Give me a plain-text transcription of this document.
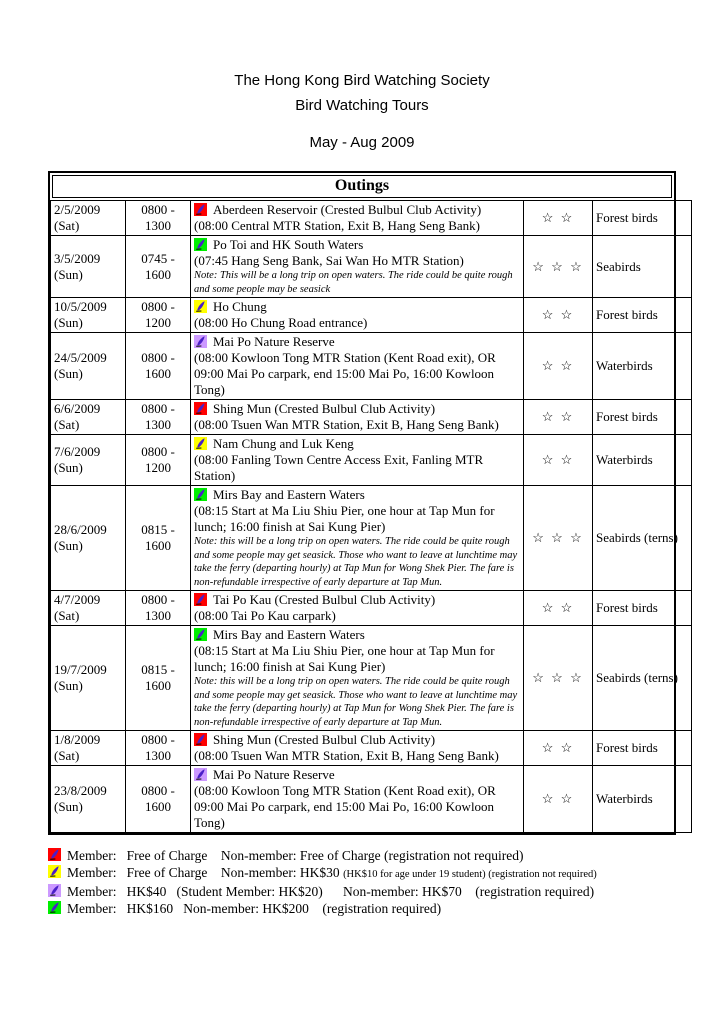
The Hong Kong Bird Watching Society
Bird Watching Tours
May - Aug 2009
Outings
2/5/2009
(Sat)

0800 -
1300

Aberdeen Reservoir (Crested Bulbul Club Activity)
(08:00 Central MTR Station, Exit B, Hang Seng Bank)
	☆ ☆	Forest birds

3/5/2009
(Sun)

0745 -
1600

Po Toi and HK South Waters
(07:45 Hang Seng Bank, Sai Wan Ho MTR Station)
Note: This will be a long trip on open waters. The ride could be quite rough and some people may be seasick
	☆ ☆ ☆	Seabirds

10/5/2009
(Sun)

0800 -
1200

Ho Chung
(08:00 Ho Chung Road entrance)
	☆ ☆	Forest birds

24/5/2009
(Sun)

0800 -
1600

Mai Po Nature Reserve
(08:00 Kowloon Tong MTR Station (Kent Road exit), OR 09:00 Mai Po carpark, end 15:00 Mai Po, 16:00 Kowloon Tong)
	☆ ☆	Waterbirds

6/6/2009
(Sat)

0800 -
1300

Shing Mun (Crested Bulbul Club Activity)
(08:00 Tsuen Wan MTR Station, Exit B, Hang Seng Bank)
	☆ ☆	Forest birds

7/6/2009
(Sun)

0800 -
1200

Nam Chung and Luk Keng
(08:00 Fanling Town Centre Access Exit, Fanling MTR Station)
	☆ ☆	Waterbirds

28/6/2009
(Sun)

0815 -
1600

Mirs Bay and Eastern Waters
(08:15 Start at Ma Liu Shiu Pier, one hour at Tap Mun for lunch; 16:00 finish at Sai Kung Pier)
Note: this will be a long trip on open waters. The ride could be quite rough and some people may get seasick. Those who want to leave at lunchtime may take the ferry (departing hourly) at Tap Mun for Wong Shek Pier. The fare is non-refundable irrespective of early departure at Tap Mun.
	☆ ☆ ☆	Seabirds (terns)

4/7/2009
(Sat)

0800 -
1300

Tai Po Kau (Crested Bulbul Club Activity)
(08:00 Tai Po Kau carpark)
	☆ ☆	Forest birds

19/7/2009
(Sun)

0815 -
1600

Mirs Bay and Eastern Waters
(08:15 Start at Ma Liu Shiu Pier, one hour at Tap Mun for lunch; 16:00 finish at Sai Kung Pier)
Note: this will be a long trip on open waters. The ride could be quite rough and some people may get seasick. Those who want to leave at lunchtime may take the ferry (departing hourly) at Tap Mun for Wong Shek Pier. The fare is non-refundable irrespective of early departure at Tap Mun.
	☆ ☆ ☆	Seabirds (terns)

1/8/2009
(Sat)

0800 -
1300

Shing Mun (Crested Bulbul Club Activity)
(08:00 Tsuen Wan MTR Station, Exit B, Hang Seng Bank)
	☆ ☆	Forest birds

23/8/2009
(Sun)

0800 -
1600

Mai Po Nature Reserve
(08:00 Kowloon Tong MTR Station (Kent Road exit), OR 09:00 Mai Po carpark, end 15:00 Mai Po, 16:00 Kowloon Tong)
	☆ ☆	Waterbirds

Member:   Free of Charge    Non-member: Free of Charge (registration not required)

Member:   Free of Charge    Non-member: HK$30 (HK$10 for age under 19 student) (registration not required)

Member:   HK$40   (Student Member: HK$20)      Non-member: HK$70    (registration required)

Member:   HK$160   Non-member: HK$200    (registration required)
